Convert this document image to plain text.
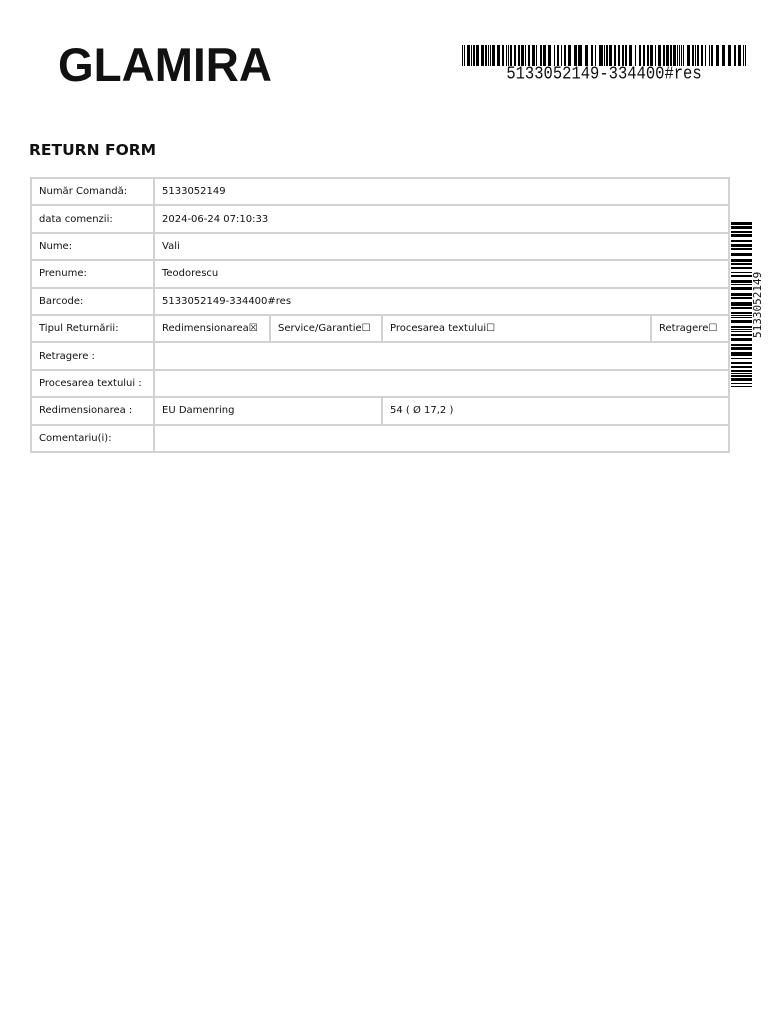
GLAMIRA	5133052149-334400#res
RETURN FORM
Număr Comandă:	5133052149			
data comenzii:	2024-06-24 07:10:33			
Nume:	Vali			
Prenume:	Teodorescu			
Barcode:	5133052149-334400#res			
Tipul Returnării:	Redimensionarea☒	Service/Garantie☐	Procesarea textului☐	Retragere☐
Retragere :				
Procesarea textului :				
Redimensionarea :	EU Damenring		54 ( Ø 17,2 )	
Comentariu(i):				
5133052149
